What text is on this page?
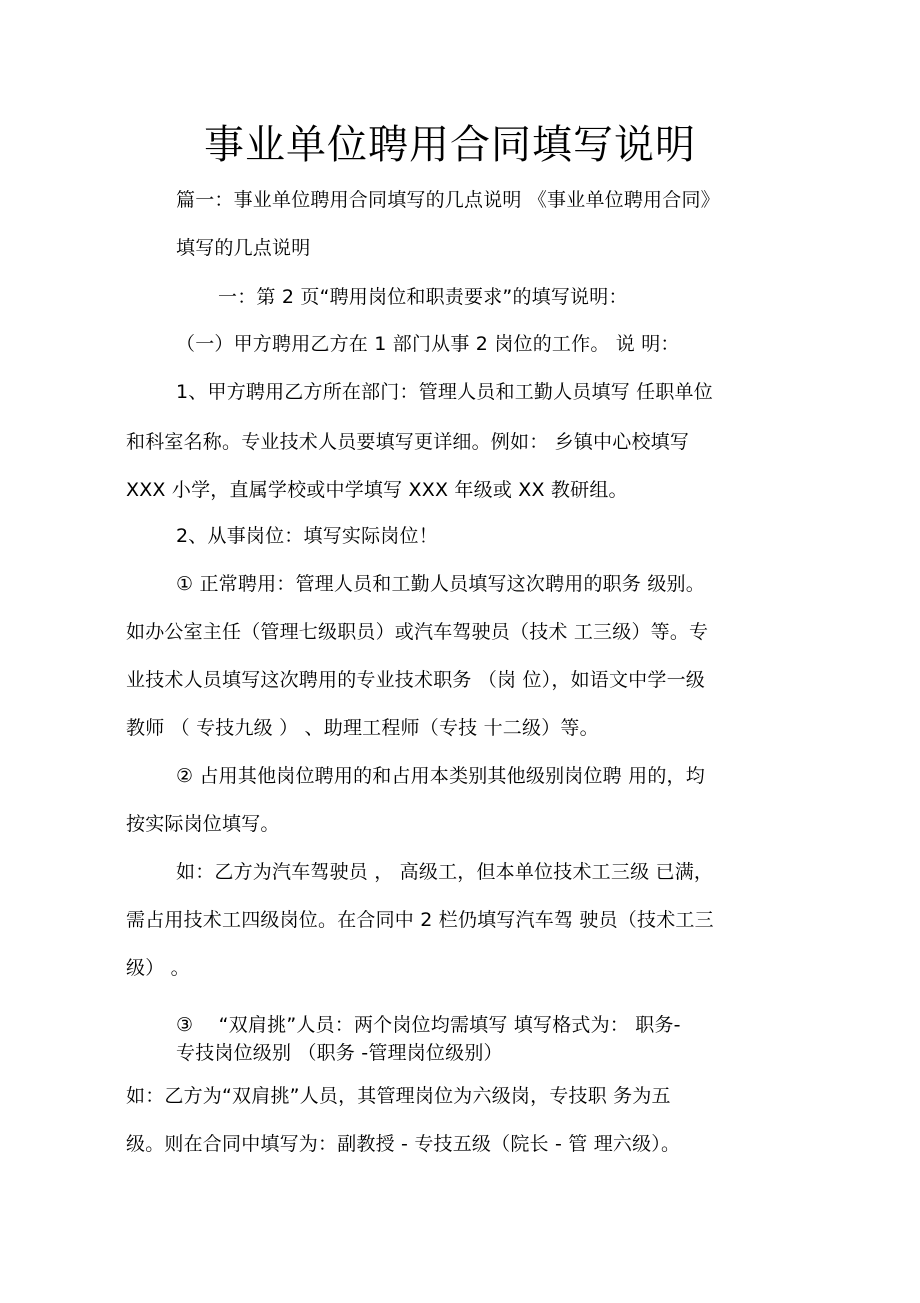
事业单位聘用合同填写说明
篇一：事业单位聘用合同填写的几点说明 《事业单位聘用合同》
填写的几点说明
一：第 2 页“聘用岗位和职责要求”的填写说明：
（一）甲方聘用乙方在 1 部门从事 2 岗位的工作。 说 明：
1、甲方聘用乙方所在部门：管理人员和工勤人员填写 任职单位
和科室名称。专业技术人员要填写更详细。例如： 乡镇中心校填写
XXX 小学，直属学校或中学填写 XXX 年级或 XX 教研组。
2、从事岗位：填写实际岗位！
① 正常聘用：管理人员和工勤人员填写这次聘用的职务 级别。
如办公室主任（管理七级职员）或汽车驾驶员（技术 工三级）等。专
业技术人员填写这次聘用的专业技术职务 （岗 位），如语文中学一级
教师 （ 专技九级 ） 、助理工程师（专技 十二级）等。
② 占用其他岗位聘用的和占用本类别其他级别岗位聘 用的，均
按实际岗位填写。
如：乙方为汽车驾驶员 ， 高级工，但本单位技术工三级 已满，
需占用技术工四级岗位。在合同中 2 栏仍填写汽车驾 驶员（技术工三
级） 。
③　 “双肩挑”人员：两个岗位均需填写 填写格式为： 职务-
专技岗位级别 （职务 -管理岗位级别）
如：乙方为“双肩挑”人员，其管理岗位为六级岗，专技职 务为五
级。则在合同中填写为：副教授 - 专技五级（院长 - 管 理六级）。
